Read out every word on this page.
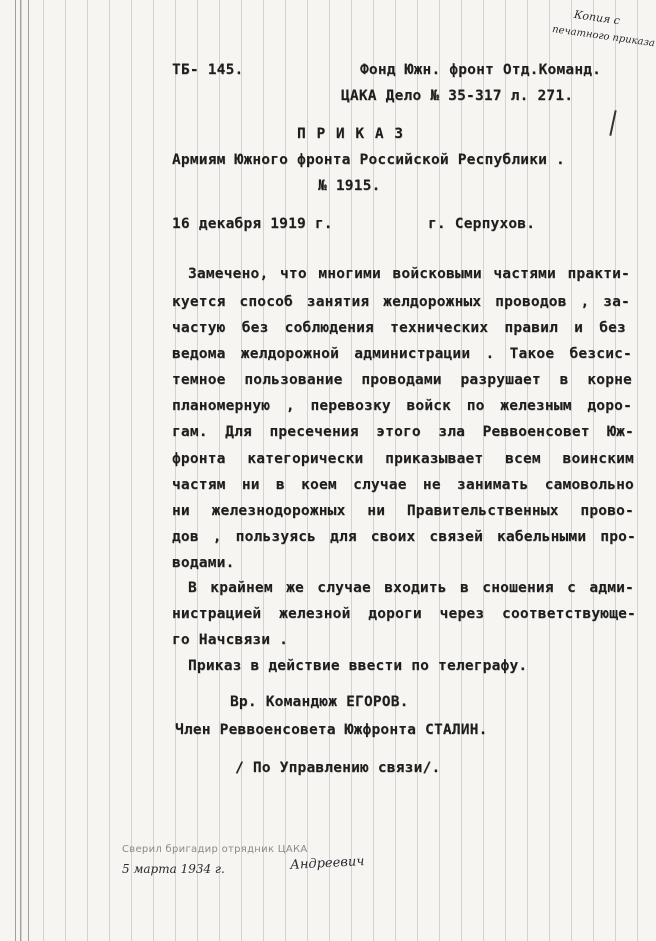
Копия с
печатного приказа
ТБ- 145.	Фонд Южн. фронт Отд.Команд.
ЦАКА Дело № 35-317 л. 271.
П Р И К А З
Армиям Южного фронта Российской Республики .
№ 1915.
16 декабря 1919 г.	г. Серпухов.
Замечено, что многими войсковыми частями практи-
куется способ занятия желдорожных проводов , за-
частую без соблюдения технических правил и без
ведома желдорожной администрации . Такое безсис-
темное пользование проводами разрушает в корне
планомерную , перевозку войск по железным доро-
гам. Для пресечения этого зла Реввоенсовет Юж-
фронта категорически приказывает всем воинским
частям ни в коем случае не занимать самовольно
ни железнодорожных ни Правительственных прово-
дов , пользуясь для своих связей кабельными про-
водами.
В крайнем же случае входить в сношения с адми-
нистрацией железной дороги через соответствующе-
го Начсвязи .
Приказ в действие ввести по телеграфу.
Вр. Командюж ЕГОРОВ.
Член Реввоенсовета Южфронта СТАЛИН.
/ По Управлению связи/.
Сверил бригадир отрядник ЦАКА
5 марта 1934 г.	Андреевич
